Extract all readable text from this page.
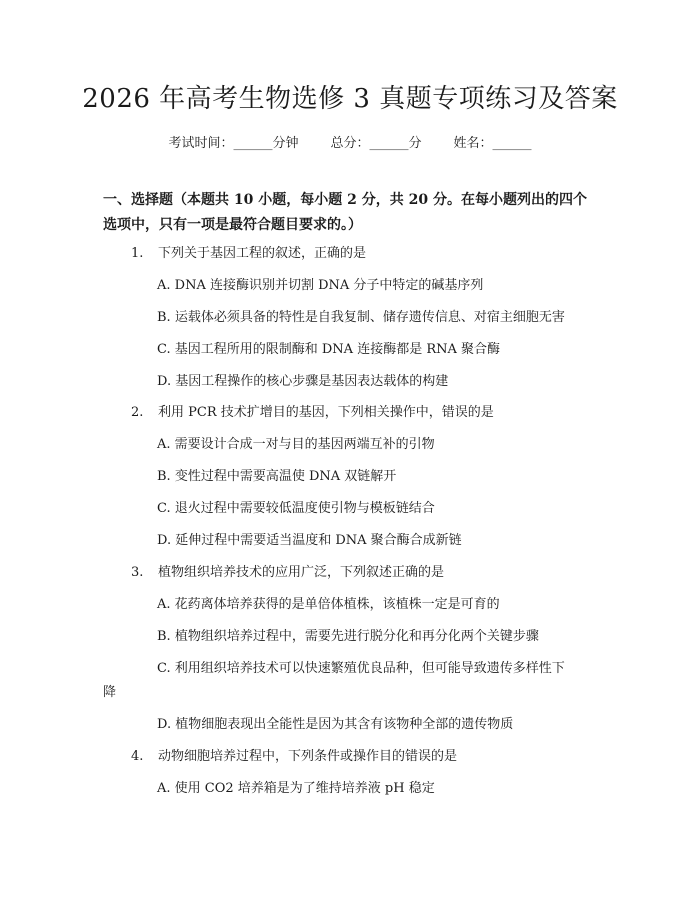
2026 年高考生物选修 3 真题专项练习及答案
考试时间：______分钟 总分：______分 姓名：______
一、选择题（本题共 10 小题，每小题 2 分，共 20 分。在每小题列出的四个选项中，只有一项是最符合题目要求的。）
1. 下列关于基因工程的叙述，正确的是
A. DNA 连接酶识别并切割 DNA 分子中特定的碱基序列
B. 运载体必须具备的特性是自我复制、储存遗传信息、对宿主细胞无害
C. 基因工程所用的限制酶和 DNA 连接酶都是 RNA 聚合酶
D. 基因工程操作的核心步骤是基因表达载体的构建
2. 利用 PCR 技术扩增目的基因，下列相关操作中，错误的是
A. 需要设计合成一对与目的基因两端互补的引物
B. 变性过程中需要高温使 DNA 双链解开
C. 退火过程中需要较低温度使引物与模板链结合
D. 延伸过程中需要适当温度和 DNA 聚合酶合成新链
3. 植物组织培养技术的应用广泛，下列叙述正确的是
A. 花药离体培养获得的是单倍体植株，该植株一定是可育的
B. 植物组织培养过程中，需要先进行脱分化和再分化两个关键步骤
C. 利用组织培养技术可以快速繁殖优良品种，但可能导致遗传多样性下
降
D. 植物细胞表现出全能性是因为其含有该物种全部的遗传物质
4. 动物细胞培养过程中，下列条件或操作目的错误的是
A. 使用 CO2 培养箱是为了维持培养液 pH 稳定
